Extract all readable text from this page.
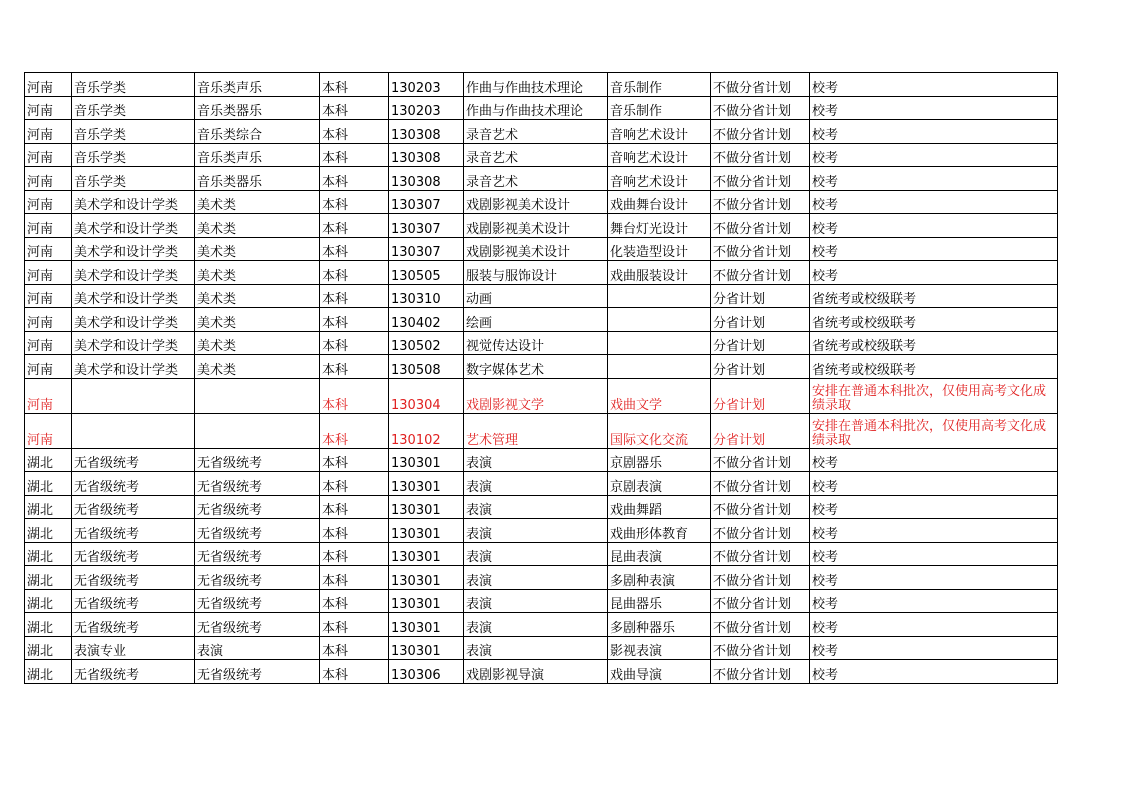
河南	音乐学类	音乐类声乐	本科	130203	作曲与作曲技术理论	音乐制作	不做分省计划	校考
河南	音乐学类	音乐类器乐	本科	130203	作曲与作曲技术理论	音乐制作	不做分省计划	校考
河南	音乐学类	音乐类综合	本科	130308	录音艺术	音响艺术设计	不做分省计划	校考
河南	音乐学类	音乐类声乐	本科	130308	录音艺术	音响艺术设计	不做分省计划	校考
河南	音乐学类	音乐类器乐	本科	130308	录音艺术	音响艺术设计	不做分省计划	校考
河南	美术学和设计学类	美术类	本科	130307	戏剧影视美术设计	戏曲舞台设计	不做分省计划	校考
河南	美术学和设计学类	美术类	本科	130307	戏剧影视美术设计	舞台灯光设计	不做分省计划	校考
河南	美术学和设计学类	美术类	本科	130307	戏剧影视美术设计	化装造型设计	不做分省计划	校考
河南	美术学和设计学类	美术类	本科	130505	服装与服饰设计	戏曲服装设计	不做分省计划	校考
河南	美术学和设计学类	美术类	本科	130310	动画		分省计划	省统考或校级联考
河南	美术学和设计学类	美术类	本科	130402	绘画		分省计划	省统考或校级联考
河南	美术学和设计学类	美术类	本科	130502	视觉传达设计		分省计划	省统考或校级联考
河南	美术学和设计学类	美术类	本科	130508	数字媒体艺术		分省计划	省统考或校级联考
河南			本科	130304	戏剧影视文学	戏曲文学	分省计划	安排在普通本科批次，仅使用高考文化成绩录取
河南			本科	130102	艺术管理	国际文化交流	分省计划	安排在普通本科批次，仅使用高考文化成绩录取
湖北	无省级统考	无省级统考	本科	130301	表演	京剧器乐	不做分省计划	校考
湖北	无省级统考	无省级统考	本科	130301	表演	京剧表演	不做分省计划	校考
湖北	无省级统考	无省级统考	本科	130301	表演	戏曲舞蹈	不做分省计划	校考
湖北	无省级统考	无省级统考	本科	130301	表演	戏曲形体教育	不做分省计划	校考
湖北	无省级统考	无省级统考	本科	130301	表演	昆曲表演	不做分省计划	校考
湖北	无省级统考	无省级统考	本科	130301	表演	多剧种表演	不做分省计划	校考
湖北	无省级统考	无省级统考	本科	130301	表演	昆曲器乐	不做分省计划	校考
湖北	无省级统考	无省级统考	本科	130301	表演	多剧种器乐	不做分省计划	校考
湖北	表演专业	表演	本科	130301	表演	影视表演	不做分省计划	校考
湖北	无省级统考	无省级统考	本科	130306	戏剧影视导演	戏曲导演	不做分省计划	校考
